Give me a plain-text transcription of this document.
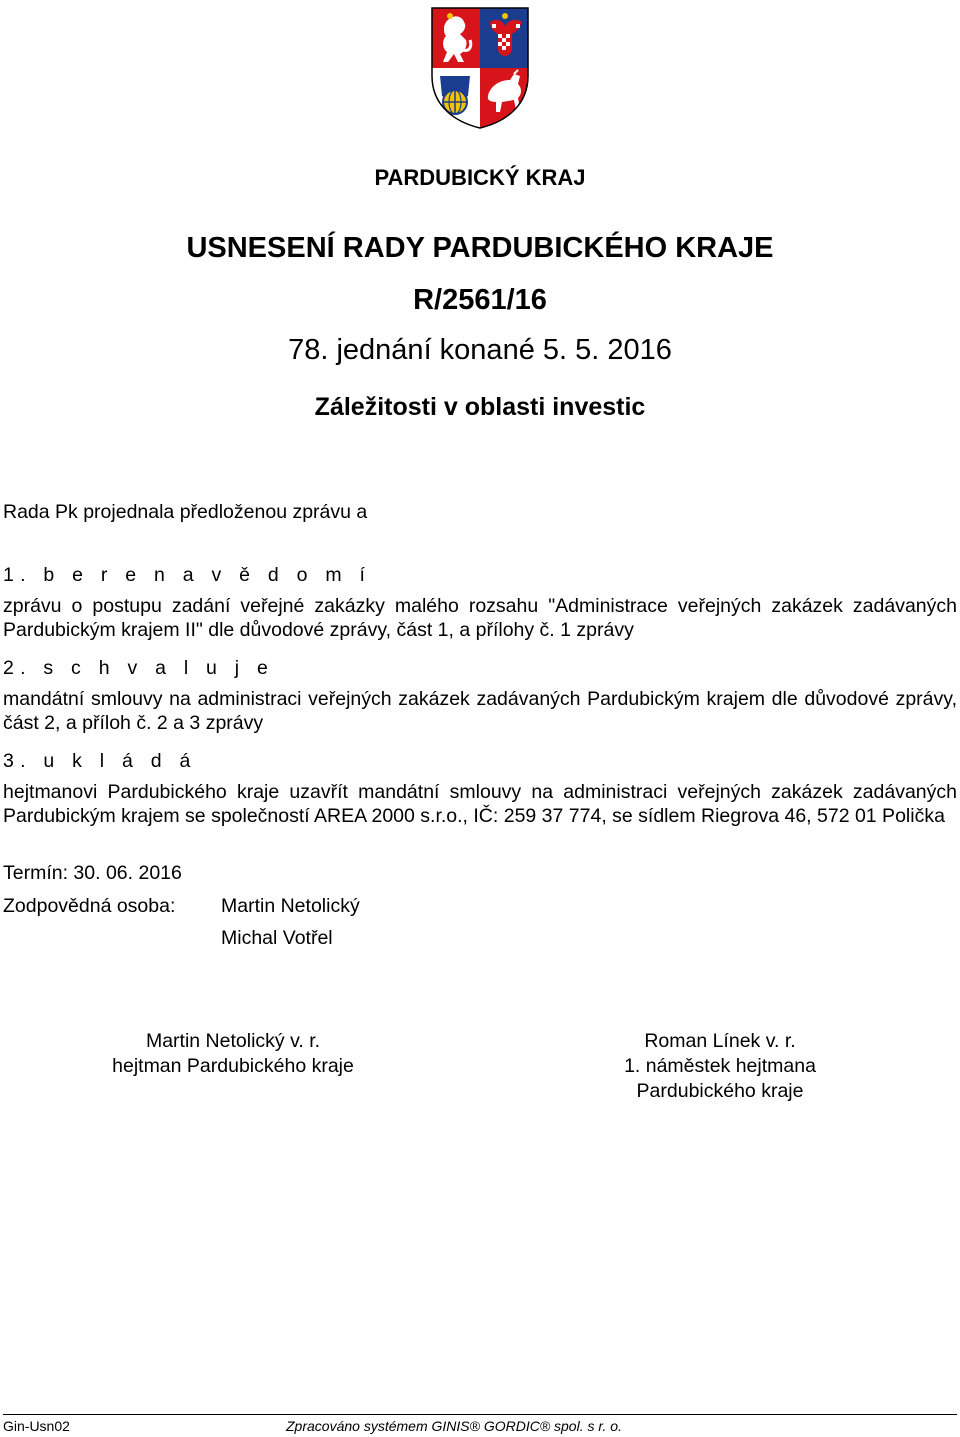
PARDUBICKÝ KRAJ
USNESENÍ RADY PARDUBICKÉHO KRAJE
R/2561/16
78. jednání konané 5. 5. 2016
Záležitosti v oblasti investic
Rada Pk projednala předloženou zprávu a
1. b e r e n a v ě d o m í
zprávu o postupu zadání veřejné zakázky malého rozsahu "Administrace veřejných zakázek zadávaných Pardubickým krajem II" dle důvodové zprávy, část 1, a přílohy č. 1 zprávy
2. s c h v a l u j e
mandátní smlouvy na administraci veřejných zakázek zadávaných Pardubickým krajem dle důvodové zprávy, část 2, a příloh č. 2 a 3 zprávy
3. u k l á d á
hejtmanovi Pardubického kraje uzavřít mandátní smlouvy na administraci veřejných zakázek zadávaných Pardubickým krajem se společností AREA 2000 s.r.o., IČ: 259 37 774, se sídlem Riegrova 46, 572 01 Polička
Termín: 30. 06. 2016
Zodpovědná osoba: Martin Netolický
Michal Votřel
Martin Netolický v. r.
hejtman Pardubického kraje
Roman Línek v. r.
1. náměstek hejtmana
Pardubického kraje
Gin-Usn02	Zpracováno systémem GINIS® GORDIC® spol. s r. o.
